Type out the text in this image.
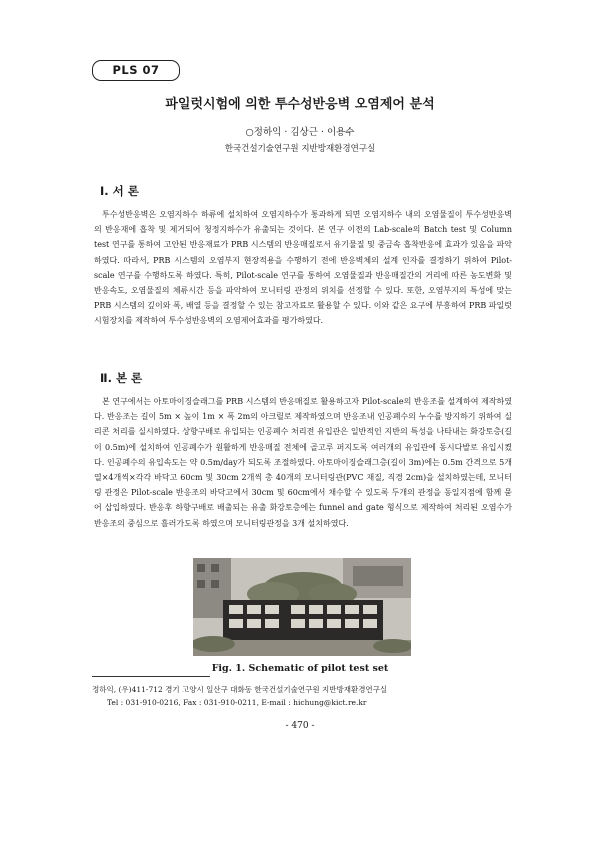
PLS 07
파일럿시험에 의한 투수성반응벽 오염제어 분석
○정하익 · 김상근 · 이용수
한국건설기술연구원 지반방재환경연구실
Ⅰ. 서 론
투수성반응벽은 오염지하수 하류에 설치하여 오염지하수가 통과하게 되면 오염지하수 내의 오염물질이 투수성반응벽의 반응재에 흡착 및 제거되어 청정지하수가 유출되는 것이다. 본 연구 이전의 Lab-scale의 Batch test 및 Column test 연구를 통하여 고안된 반응재료가 PRB 시스템의 반응매질로서 유기물질 및 중금속 흡착반응에 효과가 있음을 파악하였다. 따라서, PRB 시스템의 오염부지 현장적용을 수행하기 전에 반응벽체의 설계 인자를 결정하기 위하여 Pilot-scale 연구를 수행하도록 하였다. 특히, Pilot-scale 연구를 통하여 오염물질과 반응매질간의 거리에 따른 농도변화 및 반응속도, 오염물질의 체류시간 등을 파악하여 모니터링 관정의 위치를 선정할 수 있다. 또한, 오염부지의 특성에 맞는 PRB 시스템의 깊이와 폭, 배열 등을 결정할 수 있는 참고자료로 활용할 수 있다. 이와 같은 요구에 부흥하여 PRB 파일럿시험장치를 제작하여 투수성반응벽의 오염제어효과를 평가하였다.
Ⅱ. 본 론
본 연구에서는 아토마이징슬래그를 PRB 시스템의 반응매질로 활용하고자 Pilot-scale의 반응조를 설계하여 제작하였다. 반응조는 길이 5m × 높이 1m × 폭 2m의 아크릴로 제작하였으며 반응조내 인공폐수의 누수를 방지하기 위하여 실리콘 처리를 실시하였다. 상향구배로 유입되는 인공폐수 처리전 유입관은 일반적인 지반의 특성을 나타내는 화강토층(길이 0.5m)에 설치하여 인공폐수가 원활하게 반응매질 전체에 골고루 퍼지도록 여러개의 유입관에 동시다발로 유입시켰다. 인공폐수의 유입속도는 약 0.5m/day가 되도록 조절하였다. 아토마이징슬래그층(길이 3m)에는 0.5m 간격으로 5개열×4개씩×각각 바닥고 60cm 및 30cm 2개씩 총 40개의 모니터링관(PVC 재질, 직경 2cm)을 설치하였는데, 모니터링 관정은 Pilot-scale 반응조의 바닥고에서 30cm 및 60cm에서 채수할 수 있도록 두개의 관정을 동일지점에 함께 묻어 삽입하였다. 반응후 하향구배로 배출되는 유출 화강토층에는 funnel and gate 형식으로 제작하여 처리된 오염수가 반응조의 중심으로 흘러가도록 하였으며 모니터링관정을 3개 설치하였다.
Fig. 1. Schematic of pilot test set
정하익, (우)411-712 경기 고양시 일산구 대화동 한국건설기술연구원 지반방재환경연구실
Tel : 031-910-0216, Fax : 031-910-0211, E-mail : hichung@kict.re.kr
- 470 -
